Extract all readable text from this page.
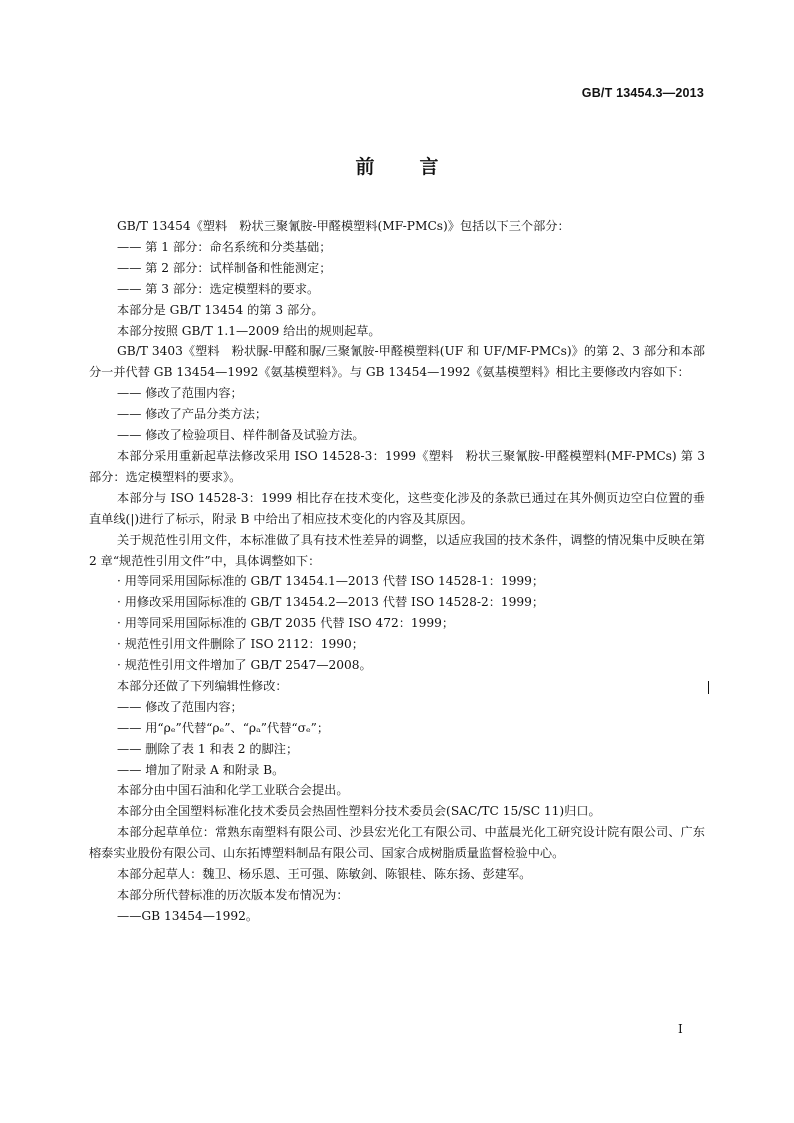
GB/T 13454.3—2013
前言

GB/T 13454《塑料　粉状三聚氰胺-甲醛模塑料(MF-PMCs)》包括以下三个部分：

—— 第 1 部分：命名系统和分类基础；

—— 第 2 部分：试样制备和性能测定；

—— 第 3 部分：选定模塑料的要求。

本部分是 GB/T 13454 的第 3 部分。

本部分按照 GB/T 1.1—2009 给出的规则起草。

GB/T 3403《塑料　粉状脲-甲醛和脲/三聚氰胺-甲醛模塑料(UF 和 UF/MF-PMCs)》的第 2、3 部分和本部分一并代替 GB 13454—1992《氨基模塑料》。与 GB 13454—1992《氨基模塑料》相比主要修改内容如下：

—— 修改了范围内容；

—— 修改了产品分类方法；

—— 修改了检验项目、样件制备及试验方法。

本部分采用重新起草法修改采用 ISO 14528-3：1999《塑料　粉状三聚氰胺-甲醛模塑料(MF-PMCs) 第 3 部分：选定模塑料的要求》。

本部分与 ISO 14528-3：1999 相比存在技术变化，这些变化涉及的条款已通过在其外侧页边空白位置的垂直单线(|)进行了标示，附录 B 中给出了相应技术变化的内容及其原因。

关于规范性引用文件，本标准做了具有技术性差异的调整，以适应我国的技术条件，调整的情况集中反映在第 2 章“规范性引用文件”中，具体调整如下：

· 用等同采用国际标准的 GB/T 13454.1—2013 代替 ISO 14528-1：1999；

· 用修改采用国际标准的 GB/T 13454.2—2013 代替 ISO 14528-2：1999；

· 用等同采用国际标准的 GB/T 2035 代替 ISO 472：1999；

· 规范性引用文件删除了 ISO 2112：1990；

· 规范性引用文件增加了 GB/T 2547—2008。

本部分还做了下列编辑性修改：

—— 修改了范围内容；

—— 用“ρₑ”代替“ρₑ”、“ρₐ”代替“σₑ”；

—— 删除了表 1 和表 2 的脚注；

—— 增加了附录 A 和附录 B。

本部分由中国石油和化学工业联合会提出。

本部分由全国塑料标准化技术委员会热固性塑料分技术委员会(SAC/TC 15/SC 11)归口。

本部分起草单位：常熟东南塑料有限公司、沙县宏光化工有限公司、中蓝晨光化工研究设计院有限公司、广东榕泰实业股份有限公司、山东拓博塑料制品有限公司、国家合成树脂质量监督检验中心。

本部分起草人：魏卫、杨乐恩、王可强、陈敏剑、陈银桂、陈东扬、彭建军。

本部分所代替标准的历次版本发布情况为：

——GB 13454—1992。

I
